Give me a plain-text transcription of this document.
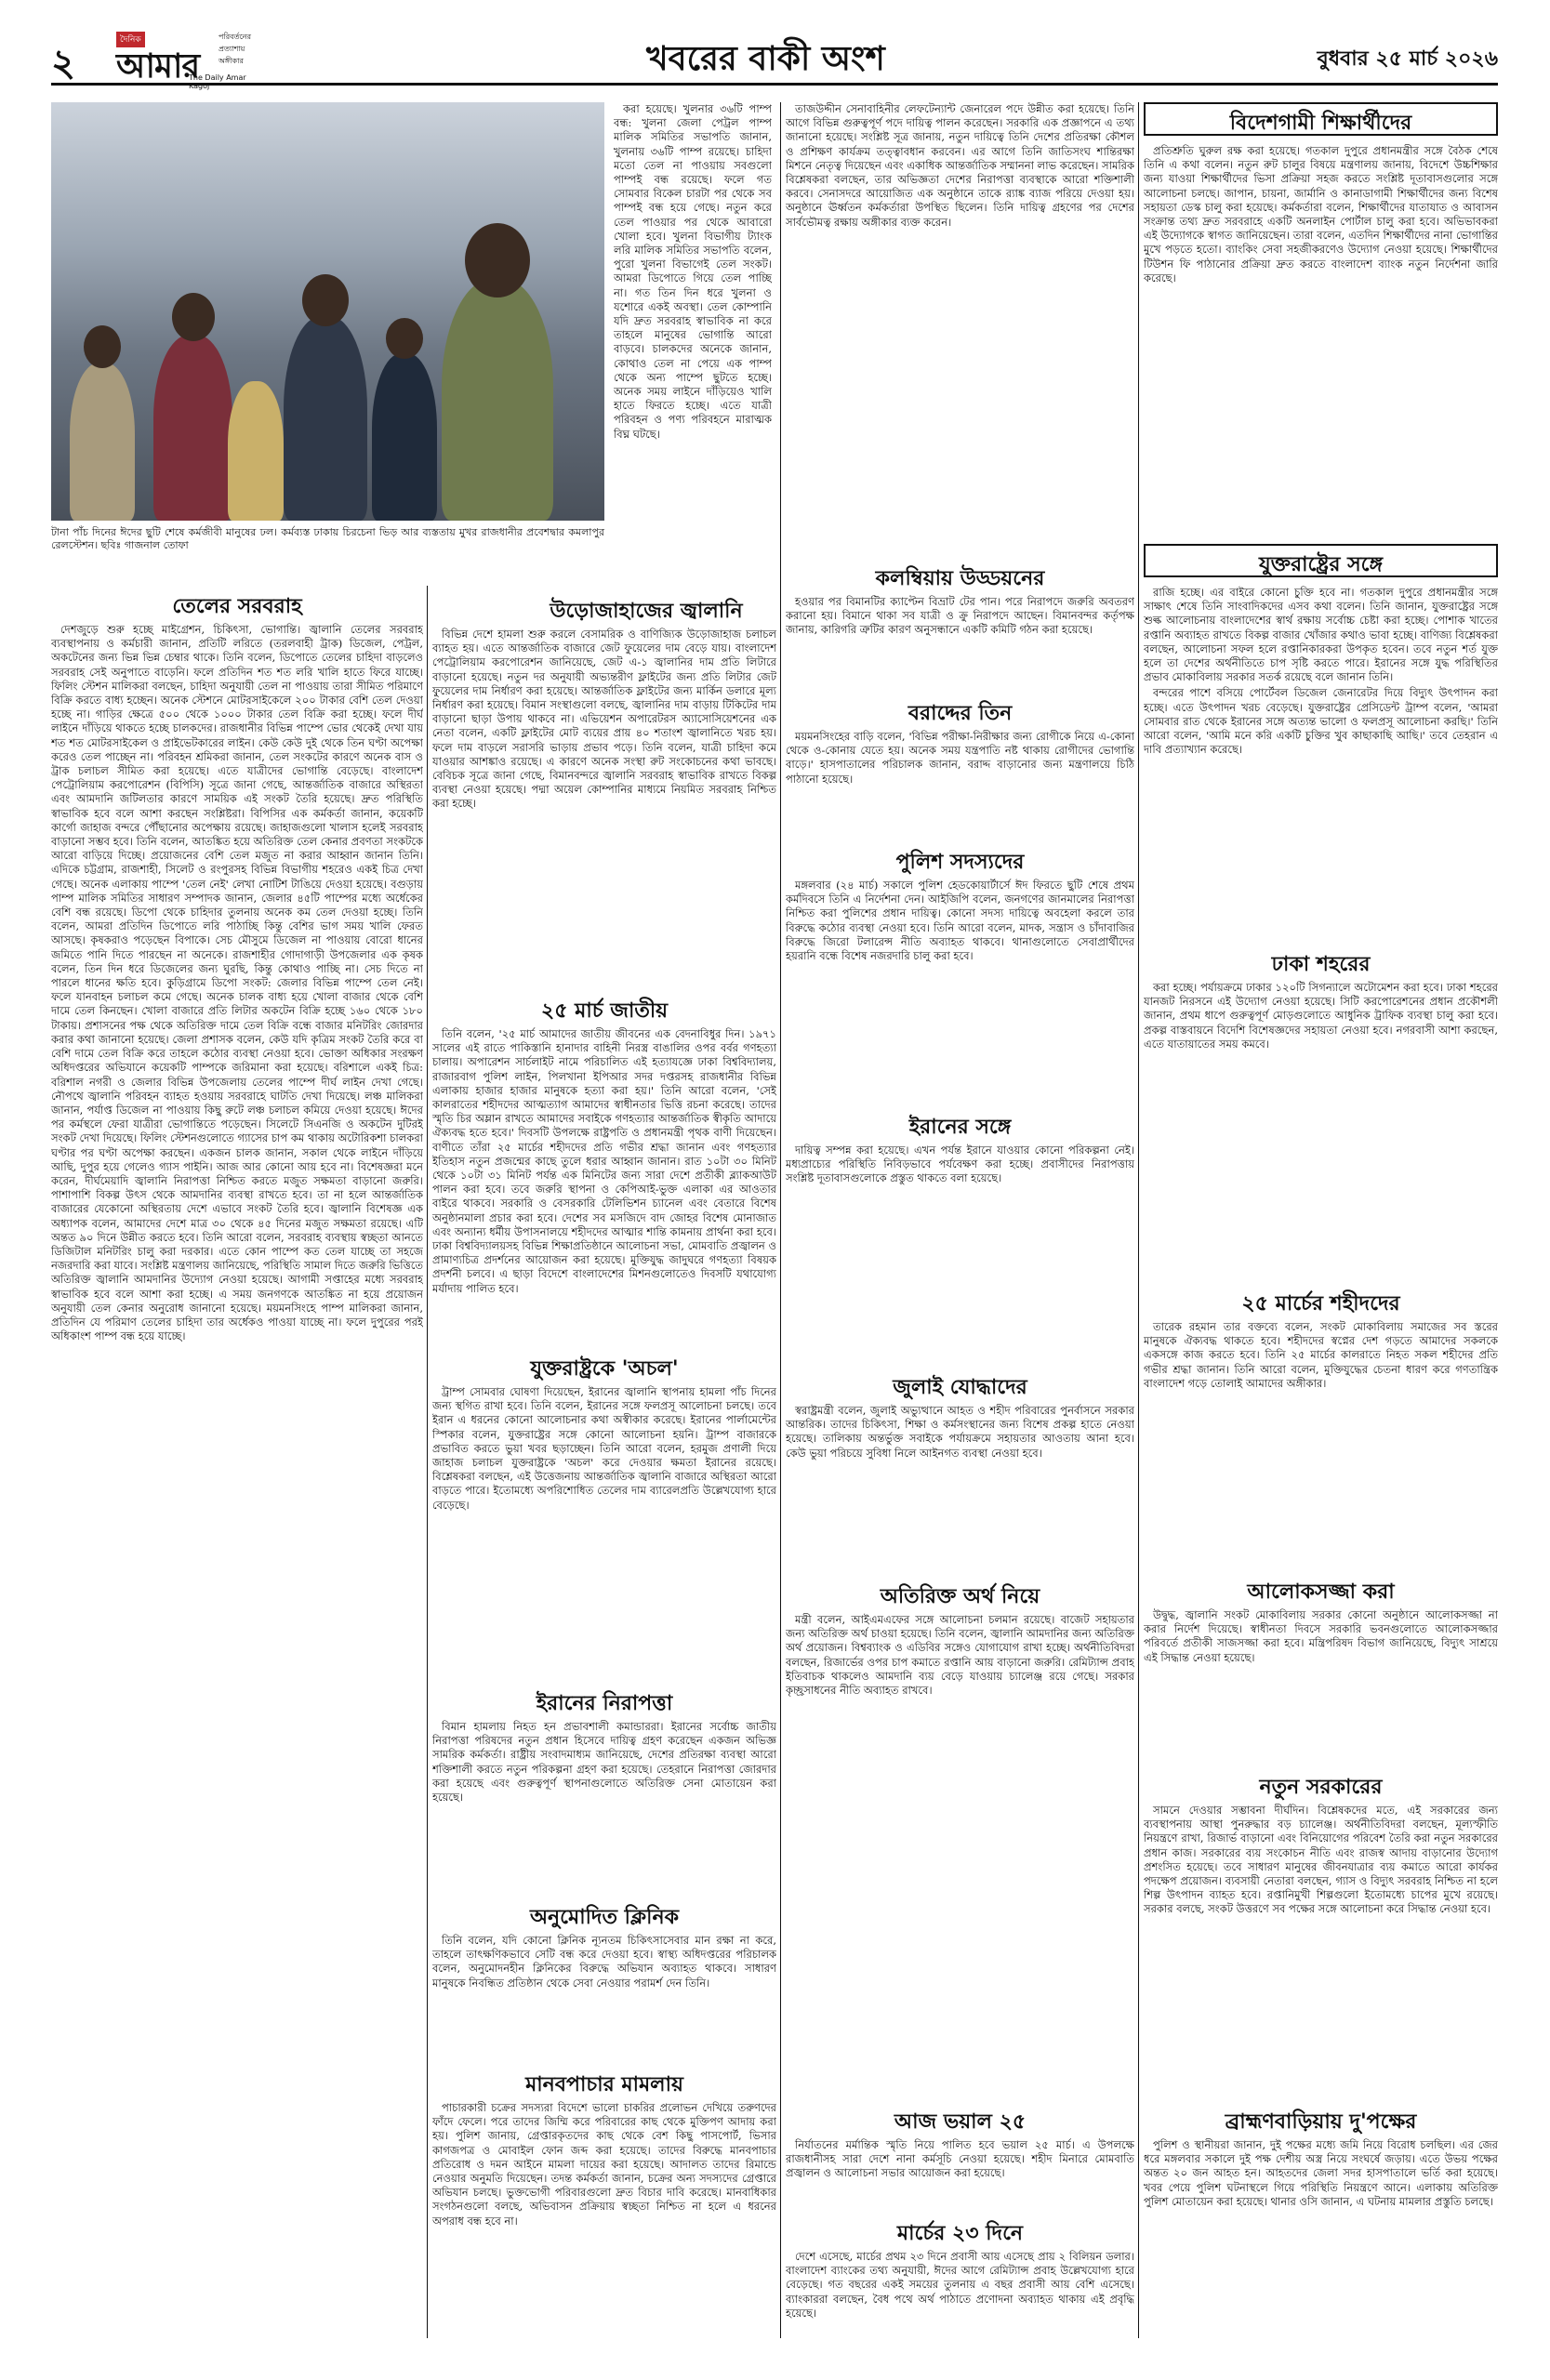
২
দৈনিক	পরিবর্তনের প্রত্যাশায় অঙ্গীকার
আমার
The Daily Amar Kagoj
খবরের বাকী অংশ	বুধবার ২৫ মার্চ ২০২৬
টানা পাঁচ দিনের ঈদের ছুটি শেষে কর্মজীবী মানুষের ঢল। কর্মব্যস্ত ঢাকায় চিরচেনা ভিড় আর ব্যস্ততায় মুখর রাজধানীর প্রবেশদ্বার কমলাপুর রেলস্টেশন। ছবিঃ গাজনাল তোফা

করা হয়েছে। খুলনার ৩৬টি পাম্প বন্ধ: খুলনা জেলা পেট্রল পাম্প মালিক সমিতির সভাপতি জানান, খুলনায় ৩৬টি পাম্প রয়েছে। চাহিদা মতো তেল না পাওয়ায় সবগুলো পাম্পই বন্ধ রয়েছে। ফলে গত সোমবার বিকেল চারটা পর থেকে সব পাম্পই বন্ধ হয়ে গেছে। নতুন করে তেল পাওয়ার পর থেকে আবারো খোলা হবে। খুলনা বিভাগীয় ট্যাংক লরি মালিক সমিতির সভাপতি বলেন, পুরো খুলনা বিভাগেই তেল সংকট। আমরা ডিপোতে গিয়ে তেল পাচ্ছি না। গত তিন দিন ধরে খুলনা ও যশোরে একই অবস্থা। তেল কোম্পানি যদি দ্রুত সরবরাহ স্বাভাবিক না করে তাহলে মানুষের ভোগান্তি আরো বাড়বে। চালকদের অনেকে জানান, কোথাও তেল না পেয়ে এক পাম্প থেকে অন্য পাম্পে ছুটতে হচ্ছে। অনেক সময় লাইনে দাঁড়িয়েও খালি হাতে ফিরতে হচ্ছে। এতে যাত্রী পরিবহন ও পণ্য পরিবহনে মারাত্মক বিঘ্ন ঘটছে।

উড়োজাহাজের জ্বালানি

বিভিন্ন দেশে হামলা শুরু করলে বেসামরিক ও বাণিজ্যিক উড়োজাহাজ চলাচল ব্যাহত হয়। এতে আন্তর্জাতিক বাজারে জেট ফুয়েলের দাম বেড়ে যায়। বাংলাদেশ পেট্রোলিয়াম করপোরেশন জানিয়েছে, জেট এ-১ জ্বালানির দাম প্রতি লিটারে বাড়ানো হয়েছে। নতুন দর অনুযায়ী অভ্যন্তরীণ ফ্লাইটের জন্য প্রতি লিটার জেট ফুয়েলের দাম নির্ধারণ করা হয়েছে। আন্তর্জাতিক ফ্লাইটের জন্য মার্কিন ডলারে মূল্য নির্ধারণ করা হয়েছে। বিমান সংস্থাগুলো বলছে, জ্বালানির দাম বাড়ায় টিকিটের দাম বাড়ানো ছাড়া উপায় থাকবে না। এভিয়েশন অপারেটরস অ্যাসোসিয়েশনের এক নেতা বলেন, একটি ফ্লাইটের মোট ব্যয়ের প্রায় ৪০ শতাংশ জ্বালানিতে খরচ হয়। ফলে দাম বাড়লে সরাসরি ভাড়ায় প্রভাব পড়ে। তিনি বলেন, যাত্রী চাহিদা কমে যাওয়ার আশঙ্কাও রয়েছে। এ কারণে অনেক সংস্থা রুট সংকোচনের কথা ভাবছে। বেবিচক সূত্রে জানা গেছে, বিমানবন্দরে জ্বালানি সরবরাহ স্বাভাবিক রাখতে বিকল্প ব্যবস্থা নেওয়া হয়েছে। পদ্মা অয়েল কোম্পানির মাধ্যমে নিয়মিত সরবরাহ নিশ্চিত করা হচ্ছে।

তেলের সরবরাহ

দেশজুড়ে শুরু হচ্ছে মাইগ্রেশন, চিকিৎসা, ভোগান্তি। জ্বালানি তেলের সরবরাহ ব্যবস্থাপনায় ও কর্মচারী জানান, প্রতিটি লরিতে (তরলবাহী ট্রাক) ডিজেল, পেট্রল, অকটেনের জন্য ভিন্ন ভিন্ন চেম্বার থাকে। তিনি বলেন, ডিপোতে তেলের চাহিদা বাড়লেও সরবরাহ সেই অনুপাতে বাড়েনি। ফলে প্রতিদিন শত শত লরি খালি হাতে ফিরে যাচ্ছে। ফিলিং স্টেশন মালিকরা বলছেন, চাহিদা অনুযায়ী তেল না পাওয়ায় তারা সীমিত পরিমাণে বিক্রি করতে বাধ্য হচ্ছেন। অনেক স্টেশনে মোটরসাইকেলে ২০০ টাকার বেশি তেল দেওয়া হচ্ছে না। গাড়ির ক্ষেত্রে ৫০০ থেকে ১০০০ টাকার তেল বিক্রি করা হচ্ছে। ফলে দীর্ঘ লাইনে দাঁড়িয়ে থাকতে হচ্ছে চালকদের। রাজধানীর বিভিন্ন পাম্পে ভোর থেকেই দেখা যায় শত শত মোটরসাইকেল ও প্রাইভেটকারের লাইন। কেউ কেউ দুই থেকে তিন ঘণ্টা অপেক্ষা করেও তেল পাচ্ছেন না। পরিবহন শ্রমিকরা জানান, তেল সংকটের কারণে অনেক বাস ও ট্রাক চলাচল সীমিত করা হয়েছে। এতে যাত্রীদের ভোগান্তি বেড়েছে। বাংলাদেশ পেট্রোলিয়াম করপোরেশন (বিপিসি) সূত্রে জানা গেছে, আন্তর্জাতিক বাজারে অস্থিরতা এবং আমদানি জটিলতার কারণে সাময়িক এই সংকট তৈরি হয়েছে। দ্রুত পরিস্থিতি স্বাভাবিক হবে বলে আশা করছেন সংশ্লিষ্টরা। বিপিসির এক কর্মকর্তা জানান, কয়েকটি কার্গো জাহাজ বন্দরে পৌঁছানোর অপেক্ষায় রয়েছে। জাহাজগুলো খালাস হলেই সরবরাহ বাড়ানো সম্ভব হবে। তিনি বলেন, আতঙ্কিত হয়ে অতিরিক্ত তেল কেনার প্রবণতা সংকটকে আরো বাড়িয়ে দিচ্ছে। প্রয়োজনের বেশি তেল মজুত না করার আহ্বান জানান তিনি। এদিকে চট্টগ্রাম, রাজশাহী, সিলেট ও রংপুরসহ বিভিন্ন বিভাগীয় শহরেও একই চিত্র দেখা গেছে। অনেক এলাকায় পাম্পে 'তেল নেই' লেখা নোটিশ টাঙিয়ে দেওয়া হয়েছে। বগুড়ায় পাম্প মালিক সমিতির সাধারণ সম্পাদক জানান, জেলার ৪৫টি পাম্পের মধ্যে অর্ধেকের বেশি বন্ধ রয়েছে। ডিপো থেকে চাহিদার তুলনায় অনেক কম তেল দেওয়া হচ্ছে। তিনি বলেন, আমরা প্রতিদিন ডিপোতে লরি পাঠাচ্ছি কিন্তু বেশির ভাগ সময় খালি ফেরত আসছে। কৃষকরাও পড়েছেন বিপাকে। সেচ মৌসুমে ডিজেল না পাওয়ায় বোরো ধানের জমিতে পানি দিতে পারছেন না অনেকে। রাজশাহীর গোদাগাড়ী উপজেলার এক কৃষক বলেন, তিন দিন ধরে ডিজেলের জন্য ঘুরছি, কিন্তু কোথাও পাচ্ছি না। সেচ দিতে না পারলে ধানের ক্ষতি হবে। কুড়িগ্রামে ডিপো সংকট: জেলার বিভিন্ন পাম্পে তেল নেই। ফলে যানবাহন চলাচল কমে গেছে। অনেক চালক বাধ্য হয়ে খোলা বাজার থেকে বেশি দামে তেল কিনছেন। খোলা বাজারে প্রতি লিটার অকটেন বিক্রি হচ্ছে ১৬০ থেকে ১৮০ টাকায়। প্রশাসনের পক্ষ থেকে অতিরিক্ত দামে তেল বিক্রি বন্ধে বাজার মনিটরিং জোরদার করার কথা জানানো হয়েছে। জেলা প্রশাসক বলেন, কেউ যদি কৃত্রিম সংকট তৈরি করে বা বেশি দামে তেল বিক্রি করে তাহলে কঠোর ব্যবস্থা নেওয়া হবে। ভোক্তা অধিকার সংরক্ষণ অধিদপ্তরের অভিযানে কয়েকটি পাম্পকে জরিমানা করা হয়েছে। বরিশালে একই চিত্র: বরিশাল নগরী ও জেলার বিভিন্ন উপজেলায় তেলের পাম্পে দীর্ঘ লাইন দেখা গেছে। নৌপথে জ্বালানি পরিবহন ব্যাহত হওয়ায় সরবরাহে ঘাটতি দেখা দিয়েছে। লঞ্চ মালিকরা জানান, পর্যাপ্ত ডিজেল না পাওয়ায় কিছু রুটে লঞ্চ চলাচল কমিয়ে দেওয়া হয়েছে। ঈদের পর কর্মস্থলে ফেরা যাত্রীরা ভোগান্তিতে পড়েছেন। সিলেটে সিএনজি ও অকটেন দুটিরই সংকট দেখা দিয়েছে। ফিলিং স্টেশনগুলোতে গ্যাসের চাপ কম থাকায় অটোরিকশা চালকরা ঘণ্টার পর ঘণ্টা অপেক্ষা করছেন। একজন চালক জানান, সকাল থেকে লাইনে দাঁড়িয়ে আছি, দুপুর হয়ে গেলেও গ্যাস পাইনি। আজ আর কোনো আয় হবে না। বিশেষজ্ঞরা মনে করেন, দীর্ঘমেয়াদি জ্বালানি নিরাপত্তা নিশ্চিত করতে মজুত সক্ষমতা বাড়ানো জরুরি। পাশাপাশি বিকল্প উৎস থেকে আমদানির ব্যবস্থা রাখতে হবে। তা না হলে আন্তর্জাতিক বাজারের যেকোনো অস্থিরতায় দেশে এভাবে সংকট তৈরি হবে। জ্বালানি বিশেষজ্ঞ এক অধ্যাপক বলেন, আমাদের দেশে মাত্র ৩০ থেকে ৪৫ দিনের মজুত সক্ষমতা রয়েছে। এটি অন্তত ৯০ দিনে উন্নীত করতে হবে। তিনি আরো বলেন, সরবরাহ ব্যবস্থায় স্বচ্ছতা আনতে ডিজিটাল মনিটরিং চালু করা দরকার। এতে কোন পাম্পে কত তেল যাচ্ছে তা সহজে নজরদারি করা যাবে। সংশ্লিষ্ট মন্ত্রণালয় জানিয়েছে, পরিস্থিতি সামাল দিতে জরুরি ভিত্তিতে অতিরিক্ত জ্বালানি আমদানির উদ্যোগ নেওয়া হয়েছে। আগামী সপ্তাহের মধ্যে সরবরাহ স্বাভাবিক হবে বলে আশা করা হচ্ছে। এ সময় জনগণকে আতঙ্কিত না হয়ে প্রয়োজন অনুযায়ী তেল কেনার অনুরোধ জানানো হয়েছে। ময়মনসিংহে পাম্প মালিকরা জানান, প্রতিদিন যে পরিমাণ তেলের চাহিদা তার অর্ধেকও পাওয়া যাচ্ছে না। ফলে দুপুরের পরই অধিকাংশ পাম্প বন্ধ হয়ে যাচ্ছে।

২৫ মার্চ জাতীয়

তিনি বলেন, '২৫ মার্চ আমাদের জাতীয় জীবনের এক বেদনাবিধুর দিন। ১৯৭১ সালের এই রাতে পাকিস্তানি হানাদার বাহিনী নিরস্ত্র বাঙালির ওপর বর্বর গণহত্যা চালায়। অপারেশন সার্চলাইট নামে পরিচালিত এই হত্যাযজ্ঞে ঢাকা বিশ্ববিদ্যালয়, রাজারবাগ পুলিশ লাইন, পিলখানা ইপিআর সদর দপ্তরসহ রাজধানীর বিভিন্ন এলাকায় হাজার হাজার মানুষকে হত্যা করা হয়।' তিনি আরো বলেন, 'সেই কালরাতের শহীদদের আত্মত্যাগ আমাদের স্বাধীনতার ভিত্তি রচনা করেছে। তাদের স্মৃতি চির অম্লান রাখতে আমাদের সবাইকে গণহত্যার আন্তর্জাতিক স্বীকৃতি আদায়ে ঐক্যবদ্ধ হতে হবে।' দিবসটি উপলক্ষে রাষ্ট্রপতি ও প্রধানমন্ত্রী পৃথক বাণী দিয়েছেন। বাণীতে তাঁরা ২৫ মার্চের শহীদদের প্রতি গভীর শ্রদ্ধা জানান এবং গণহত্যার ইতিহাস নতুন প্রজন্মের কাছে তুলে ধরার আহ্বান জানান। রাত ১০টা ৩০ মিনিট থেকে ১০টা ৩১ মিনিট পর্যন্ত এক মিনিটের জন্য সারা দেশে প্রতীকী ব্ল্যাকআউট পালন করা হবে। তবে জরুরি স্থাপনা ও কেপিআই-ভুক্ত এলাকা এর আওতার বাইরে থাকবে। সরকারি ও বেসরকারি টেলিভিশন চ্যানেল এবং বেতারে বিশেষ অনুষ্ঠানমালা প্রচার করা হবে। দেশের সব মসজিদে বাদ জোহর বিশেষ মোনাজাত এবং অন্যান্য ধর্মীয় উপাসনালয়ে শহীদদের আত্মার শান্তি কামনায় প্রার্থনা করা হবে। ঢাকা বিশ্ববিদ্যালয়সহ বিভিন্ন শিক্ষাপ্রতিষ্ঠানে আলোচনা সভা, মোমবাতি প্রজ্বালন ও প্রামাণ্যচিত্র প্রদর্শনের আয়োজন করা হয়েছে। মুক্তিযুদ্ধ জাদুঘরে গণহত্যা বিষয়ক প্রদর্শনী চলবে। এ ছাড়া বিদেশে বাংলাদেশের মিশনগুলোতেও দিবসটি যথাযোগ্য মর্যাদায় পালিত হবে।

যুক্তরাষ্ট্রকে 'অচল'

ট্রাম্প সোমবার ঘোষণা দিয়েছেন, ইরানের জ্বালানি স্থাপনায় হামলা পাঁচ দিনের জন্য স্থগিত রাখা হবে। তিনি বলেন, ইরানের সঙ্গে ফলপ্রসূ আলোচনা চলছে। তবে ইরান এ ধরনের কোনো আলোচনার কথা অস্বীকার করেছে। ইরানের পার্লামেন্টের স্পিকার বলেন, যুক্তরাষ্ট্রের সঙ্গে কোনো আলোচনা হয়নি। ট্রাম্প বাজারকে প্রভাবিত করতে ভুয়া খবর ছড়াচ্ছেন। তিনি আরো বলেন, হরমুজ প্রণালী দিয়ে জাহাজ চলাচল যুক্তরাষ্ট্রকে 'অচল' করে দেওয়ার ক্ষমতা ইরানের রয়েছে। বিশ্লেষকরা বলছেন, এই উত্তেজনায় আন্তর্জাতিক জ্বালানি বাজারে অস্থিরতা আরো বাড়তে পারে। ইতোমধ্যে অপরিশোধিত তেলের দাম ব্যারেলপ্রতি উল্লেখযোগ্য হারে বেড়েছে।

ইরানের নিরাপত্তা

বিমান হামলায় নিহত হন প্রভাবশালী কমান্ডাররা। ইরানের সর্বোচ্চ জাতীয় নিরাপত্তা পরিষদের নতুন প্রধান হিসেবে দায়িত্ব গ্রহণ করেছেন একজন অভিজ্ঞ সামরিক কর্মকর্তা। রাষ্ট্রীয় সংবাদমাধ্যম জানিয়েছে, দেশের প্রতিরক্ষা ব্যবস্থা আরো শক্তিশালী করতে নতুন পরিকল্পনা গ্রহণ করা হয়েছে। তেহরানে নিরাপত্তা জোরদার করা হয়েছে এবং গুরুত্বপূর্ণ স্থাপনাগুলোতে অতিরিক্ত সেনা মোতায়েন করা হয়েছে।

অনুমোদিত ক্লিনিক

তিনি বলেন, যদি কোনো ক্লিনিক ন্যূনতম চিকিৎসাসেবার মান রক্ষা না করে, তাহলে তাৎক্ষণিকভাবে সেটি বন্ধ করে দেওয়া হবে। স্বাস্থ্য অধিদপ্তরের পরিচালক বলেন, অনুমোদনহীন ক্লিনিকের বিরুদ্ধে অভিযান অব্যাহত থাকবে। সাধারণ মানুষকে নিবন্ধিত প্রতিষ্ঠান থেকে সেবা নেওয়ার পরামর্শ দেন তিনি।

মানবপাচার মামলায়

পাচারকারী চক্রের সদস্যরা বিদেশে ভালো চাকরির প্রলোভন দেখিয়ে তরুণদের ফাঁদে ফেলে। পরে তাদের জিম্মি করে পরিবারের কাছ থেকে মুক্তিপণ আদায় করা হয়। পুলিশ জানায়, গ্রেপ্তারকৃতদের কাছ থেকে বেশ কিছু পাসপোর্ট, ভিসার কাগজপত্র ও মোবাইল ফোন জব্দ করা হয়েছে। তাদের বিরুদ্ধে মানবপাচার প্রতিরোধ ও দমন আইনে মামলা দায়ের করা হয়েছে। আদালত তাদের রিমান্ডে নেওয়ার অনুমতি দিয়েছেন। তদন্ত কর্মকর্তা জানান, চক্রের অন্য সদস্যদের গ্রেপ্তারে অভিযান চলছে। ভুক্তভোগী পরিবারগুলো দ্রুত বিচার দাবি করেছে। মানবাধিকার সংগঠনগুলো বলছে, অভিবাসন প্রক্রিয়ায় স্বচ্ছতা নিশ্চিত না হলে এ ধরনের অপরাধ বন্ধ হবে না।

তাজউদ্দীন সেনাবাহিনীর লেফটেন্যান্ট জেনারেল পদে উন্নীত করা হয়েছে। তিনি আগে বিভিন্ন গুরুত্বপূর্ণ পদে দায়িত্ব পালন করেছেন। সরকারি এক প্রজ্ঞাপনে এ তথ্য জানানো হয়েছে। সংশ্লিষ্ট সূত্র জানায়, নতুন দায়িত্বে তিনি দেশের প্রতিরক্ষা কৌশল ও প্রশিক্ষণ কার্যক্রম তত্ত্বাবধান করবেন। এর আগে তিনি জাতিসংঘ শান্তিরক্ষা মিশনে নেতৃত্ব দিয়েছেন এবং একাধিক আন্তর্জাতিক সম্মাননা লাভ করেছেন। সামরিক বিশ্লেষকরা বলছেন, তার অভিজ্ঞতা দেশের নিরাপত্তা ব্যবস্থাকে আরো শক্তিশালী করবে। সেনাসদরে আয়োজিত এক অনুষ্ঠানে তাকে র‍্যাঙ্ক ব্যাজ পরিয়ে দেওয়া হয়। অনুষ্ঠানে ঊর্ধ্বতন কর্মকর্তারা উপস্থিত ছিলেন। তিনি দায়িত্ব গ্রহণের পর দেশের সার্বভৌমত্ব রক্ষায় অঙ্গীকার ব্যক্ত করেন।

কলম্বিয়ায় উড্ডয়নের

হওয়ার পর বিমানটির ক্যাপ্টেন বিভ্রাট টের পান। পরে নিরাপদে জরুরি অবতরণ করানো হয়। বিমানে থাকা সব যাত্রী ও ক্রু নিরাপদে আছেন। বিমানবন্দর কর্তৃপক্ষ জানায়, কারিগরি ত্রুটির কারণ অনুসন্ধানে একটি কমিটি গঠন করা হয়েছে।

বরাদ্দের তিন

ময়মনসিংহের বাড়ি বলেন, 'বিভিন্ন পরীক্ষা-নিরীক্ষার জন্য রোগীকে নিয়ে এ-কোনা থেকে ও-কোনায় যেতে হয়। অনেক সময় যন্ত্রপাতি নষ্ট থাকায় রোগীদের ভোগান্তি বাড়ে।' হাসপাতালের পরিচালক জানান, বরাদ্দ বাড়ানোর জন্য মন্ত্রণালয়ে চিঠি পাঠানো হয়েছে।

পুলিশ সদস্যদের

মঙ্গলবার (২৪ মার্চ) সকালে পুলিশ হেডকোয়ার্টার্সে ঈদ ফিরতে ছুটি শেষে প্রথম কর্মদিবসে তিনি এ নির্দেশনা দেন। আইজিপি বলেন, জনগণের জানমালের নিরাপত্তা নিশ্চিত করা পুলিশের প্রধান দায়িত্ব। কোনো সদস্য দায়িত্বে অবহেলা করলে তার বিরুদ্ধে কঠোর ব্যবস্থা নেওয়া হবে। তিনি আরো বলেন, মাদক, সন্ত্রাস ও চাঁদাবাজির বিরুদ্ধে জিরো টলারেন্স নীতি অব্যাহত থাকবে। থানাগুলোতে সেবাপ্রার্থীদের হয়রানি বন্ধে বিশেষ নজরদারি চালু করা হবে।

ইরানের সঙ্গে

দায়িত্ব সম্পন্ন করা হয়েছে। এখন পর্যন্ত ইরানে যাওয়ার কোনো পরিকল্পনা নেই। মধ্যপ্রাচ্যের পরিস্থিতি নিবিড়ভাবে পর্যবেক্ষণ করা হচ্ছে। প্রবাসীদের নিরাপত্তায় সংশ্লিষ্ট দূতাবাসগুলোকে প্রস্তুত থাকতে বলা হয়েছে।

জুলাই যোদ্ধাদের

স্বরাষ্ট্রমন্ত্রী বলেন, জুলাই অভ্যুত্থানে আহত ও শহীদ পরিবারের পুনর্বাসনে সরকার আন্তরিক। তাদের চিকিৎসা, শিক্ষা ও কর্মসংস্থানের জন্য বিশেষ প্রকল্প হাতে নেওয়া হয়েছে। তালিকায় অন্তর্ভুক্ত সবাইকে পর্যায়ক্রমে সহায়তার আওতায় আনা হবে। কেউ ভুয়া পরিচয়ে সুবিধা নিলে আইনগত ব্যবস্থা নেওয়া হবে।

অতিরিক্ত অর্থ নিয়ে

মন্ত্রী বলেন, আইএমএফের সঙ্গে আলোচনা চলমান রয়েছে। বাজেট সহায়তার জন্য অতিরিক্ত অর্থ চাওয়া হয়েছে। তিনি বলেন, জ্বালানি আমদানির জন্য অতিরিক্ত অর্থ প্রয়োজন। বিশ্বব্যাংক ও এডিবির সঙ্গেও যোগাযোগ রাখা হচ্ছে। অর্থনীতিবিদরা বলছেন, রিজার্ভের ওপর চাপ কমাতে রপ্তানি আয় বাড়ানো জরুরি। রেমিট্যান্স প্রবাহ ইতিবাচক থাকলেও আমদানি ব্যয় বেড়ে যাওয়ায় চ্যালেঞ্জ রয়ে গেছে। সরকার কৃচ্ছ্রসাধনের নীতি অব্যাহত রাখবে।

আজ ভয়াল ২৫

নির্যাতনের মর্মান্তিক স্মৃতি নিয়ে পালিত হবে ভয়াল ২৫ মার্চ। এ উপলক্ষে রাজধানীসহ সারা দেশে নানা কর্মসূচি নেওয়া হয়েছে। শহীদ মিনারে মোমবাতি প্রজ্বালন ও আলোচনা সভার আয়োজন করা হয়েছে।

মার্চের ২৩ দিনে

দেশে এসেছে, মার্চের প্রথম ২৩ দিনে প্রবাসী আয় এসেছে প্রায় ২ বিলিয়ন ডলার। বাংলাদেশ ব্যাংকের তথ্য অনুযায়ী, ঈদের আগে রেমিট্যান্স প্রবাহ উল্লেখযোগ্য হারে বেড়েছে। গত বছরের একই সময়ের তুলনায় এ বছর প্রবাসী আয় বেশি এসেছে। ব্যাংকাররা বলছেন, বৈধ পথে অর্থ পাঠাতে প্রণোদনা অব্যাহত থাকায় এই প্রবৃদ্ধি হয়েছে।

বিদেশগামী শিক্ষার্থীদের

প্রতিশ্রুতি ঘুরুল রক্ষ করা হয়েছে। গতকাল দুপুরে প্রধানমন্ত্রীর সঙ্গে বৈঠক শেষে তিনি এ কথা বলেন। নতুন রুট চালুর বিষয়ে মন্ত্রণালয় জানায়, বিদেশে উচ্চশিক্ষার জন্য যাওয়া শিক্ষার্থীদের ভিসা প্রক্রিয়া সহজ করতে সংশ্লিষ্ট দূতাবাসগুলোর সঙ্গে আলোচনা চলছে। জাপান, চায়না, জার্মানি ও কানাডাগামী শিক্ষার্থীদের জন্য বিশেষ সহায়তা ডেস্ক চালু করা হয়েছে। কর্মকর্তারা বলেন, শিক্ষার্থীদের যাতাযাত ও আবাসন সংক্রান্ত তথ্য দ্রুত সরবরাহে একটি অনলাইন পোর্টাল চালু করা হবে। অভিভাবকরা এই উদ্যোগকে স্বাগত জানিয়েছেন। তারা বলেন, এতদিন শিক্ষার্থীদের নানা ভোগান্তির মুখে পড়তে হতো। ব্যাংকিং সেবা সহজীকরণেও উদ্যোগ নেওয়া হয়েছে। শিক্ষার্থীদের টিউশন ফি পাঠানোর প্রক্রিয়া দ্রুত করতে বাংলাদেশ ব্যাংক নতুন নির্দেশনা জারি করেছে।

যুক্তরাষ্ট্রের সঙ্গে

রাজি হচ্ছে। এর বাইরে কোনো চুক্তি হবে না। গতকাল দুপুরে প্রধানমন্ত্রীর সঙ্গে সাক্ষাৎ শেষে তিনি সাংবাদিকদের এসব কথা বলেন। তিনি জানান, যুক্তরাষ্ট্রের সঙ্গে শুল্ক আলোচনায় বাংলাদেশের স্বার্থ রক্ষায় সর্বোচ্চ চেষ্টা করা হচ্ছে। পোশাক খাতের রপ্তানি অব্যাহত রাখতে বিকল্প বাজার খোঁজার কথাও ভাবা হচ্ছে। বাণিজ্য বিশ্লেষকরা বলছেন, আলোচনা সফল হলে রপ্তানিকারকরা উপকৃত হবেন। তবে নতুন শর্ত যুক্ত হলে তা দেশের অর্থনীতিতে চাপ সৃষ্টি করতে পারে। ইরানের সঙ্গে যুদ্ধ পরিস্থিতির প্রভাব মোকাবিলায় সরকার সতর্ক রয়েছে বলে জানান তিনি।

বন্দরের পাশে বসিয়ে পোর্টেবল ডিজেল জেনারেটর দিয়ে বিদ্যুৎ উৎপাদন করা হচ্ছে। এতে উৎপাদন খরচ বেড়েছে। যুক্তরাষ্ট্রের প্রেসিডেন্ট ট্রাম্প বলেন, 'আমরা সোমবার রাত থেকে ইরানের সঙ্গে অত্যন্ত ভালো ও ফলপ্রসূ আলোচনা করছি।' তিনি আরো বলেন, 'আমি মনে করি একটি চুক্তির খুব কাছাকাছি আছি।' তবে তেহরান এ দাবি প্রত্যাখ্যান করেছে।

ঢাকা শহরের

করা হচ্ছে। পর্যায়ক্রমে ঢাকার ১২০টি সিগন্যালে অটোমেশন করা হবে। ঢাকা শহরের যানজট নিরসনে এই উদ্যোগ নেওয়া হয়েছে। সিটি করপোরেশনের প্রধান প্রকৌশলী জানান, প্রথম ধাপে গুরুত্বপূর্ণ মোড়গুলোতে আধুনিক ট্রাফিক ব্যবস্থা চালু করা হবে। প্রকল্প বাস্তবায়নে বিদেশি বিশেষজ্ঞদের সহায়তা নেওয়া হবে। নগরবাসী আশা করছেন, এতে যাতায়াতের সময় কমবে।

২৫ মার্চের শহীদদের

তারেক রহমান তার বক্তব্যে বলেন, সংকট মোকাবিলায় সমাজের সব স্তরের মানুষকে ঐক্যবদ্ধ থাকতে হবে। শহীদদের স্বপ্নের দেশ গড়তে আমাদের সকলকে একসঙ্গে কাজ করতে হবে। তিনি ২৫ মার্চের কালরাতে নিহত সকল শহীদের প্রতি গভীর শ্রদ্ধা জানান। তিনি আরো বলেন, মুক্তিযুদ্ধের চেতনা ধারণ করে গণতান্ত্রিক বাংলাদেশ গড়ে তোলাই আমাদের অঙ্গীকার।

আলোকসজ্জা করা

উদ্বুদ্ধ, জ্বালানি সংকট মোকাবিলায় সরকার কোনো অনুষ্ঠানে আলোকসজ্জা না করার নির্দেশ দিয়েছে। স্বাধীনতা দিবসে সরকারি ভবনগুলোতে আলোকসজ্জার পরিবর্তে প্রতীকী সাজসজ্জা করা হবে। মন্ত্রিপরিষদ বিভাগ জানিয়েছে, বিদ্যুৎ সাশ্রয়ে এই সিদ্ধান্ত নেওয়া হয়েছে।

নতুন সরকারের

সামনে দেওয়ার সম্ভাবনা দীর্ঘদিন। বিশ্লেষকদের মতে, এই সরকারের জন্য ব্যবস্থাপনায় আস্থা পুনরুদ্ধার বড় চ্যালেঞ্জ। অর্থনীতিবিদরা বলছেন, মূল্যস্ফীতি নিয়ন্ত্রণে রাখা, রিজার্ভ বাড়ানো এবং বিনিয়োগের পরিবেশ তৈরি করা নতুন সরকারের প্রধান কাজ। সরকারের ব্যয় সংকোচন নীতি এবং রাজস্ব আদায় বাড়ানোর উদ্যোগ প্রশংসিত হয়েছে। তবে সাধারণ মানুষের জীবনযাত্রার ব্যয় কমাতে আরো কার্যকর পদক্ষেপ প্রয়োজন। ব্যবসায়ী নেতারা বলছেন, গ্যাস ও বিদ্যুৎ সরবরাহ নিশ্চিত না হলে শিল্প উৎপাদন ব্যাহত হবে। রপ্তানিমুখী শিল্পগুলো ইতোমধ্যে চাপের মুখে রয়েছে। সরকার বলছে, সংকট উত্তরণে সব পক্ষের সঙ্গে আলোচনা করে সিদ্ধান্ত নেওয়া হবে।

ব্রাহ্মণবাড়িয়ায় দু'পক্ষের

পুলিশ ও স্থানীয়রা জানান, দুই পক্ষের মধ্যে জমি নিয়ে বিরোধ চলছিল। এর জের ধরে মঙ্গলবার সকালে দুই পক্ষ দেশীয় অস্ত্র নিয়ে সংঘর্ষে জড়ায়। এতে উভয় পক্ষের অন্তত ২০ জন আহত হন। আহতদের জেলা সদর হাসপাতালে ভর্তি করা হয়েছে। খবর পেয়ে পুলিশ ঘটনাস্থলে গিয়ে পরিস্থিতি নিয়ন্ত্রণে আনে। এলাকায় অতিরিক্ত পুলিশ মোতায়েন করা হয়েছে। থানার ওসি জানান, এ ঘটনায় মামলার প্রস্তুতি চলছে।
